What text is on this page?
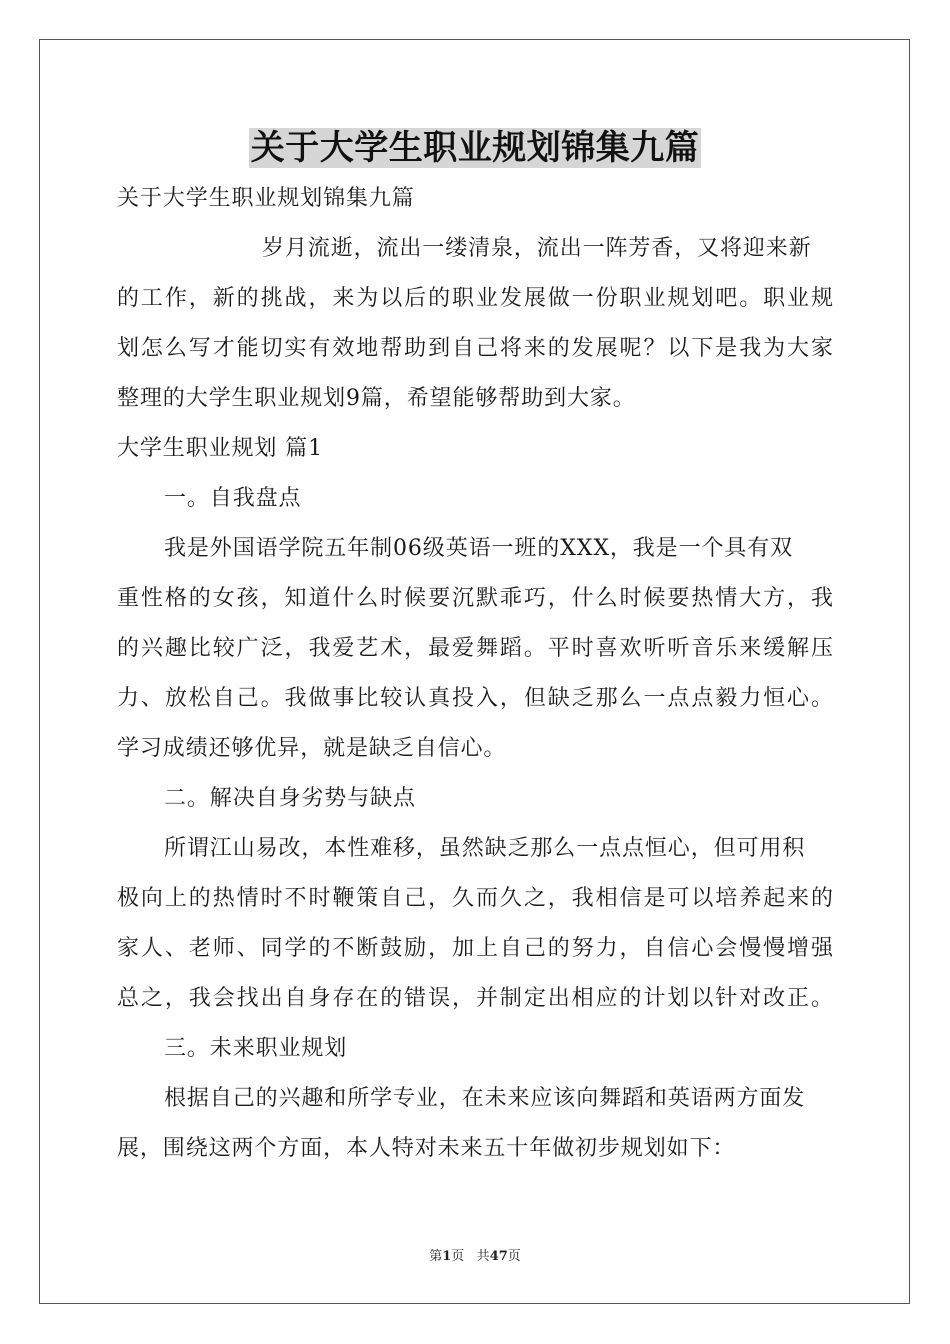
关于大学生职业规划锦集九篇
关于大学生职业规划锦集九篇
岁月流逝，流出一缕清泉，流出一阵芳香，又将迎来新
的工作，新的挑战，来为以后的职业发展做一份职业规划吧。职业规
划怎么写才能切实有效地帮助到自己将来的发展呢？以下是我为大家
整理的大学生职业规划9篇，希望能够帮助到大家。
大学生职业规划 篇1
一。自我盘点
我是外国语学院五年制06级英语一班的XXX，我是一个具有双
重性格的女孩，知道什么时候要沉默乖巧，什么时候要热情大方，我
的兴趣比较广泛，我爱艺术，最爱舞蹈。平时喜欢听听音乐来缓解压
力、放松自己。我做事比较认真投入，但缺乏那么一点点毅力恒心。
学习成绩还够优异，就是缺乏自信心。
二。解决自身劣势与缺点
所谓江山易改，本性难移，虽然缺乏那么一点点恒心，但可用积
极向上的热情时不时鞭策自己，久而久之，我相信是可以培养起来的
家人、老师、同学的不断鼓励，加上自己的努力，自信心会慢慢增强
总之，我会找出自身存在的错误，并制定出相应的计划以针对改正。
三。未来职业规划
根据自己的兴趣和所学专业，在未来应该向舞蹈和英语两方面发
展，围绕这两个方面，本人特对未来五十年做初步规划如下：
第1页 共47页
